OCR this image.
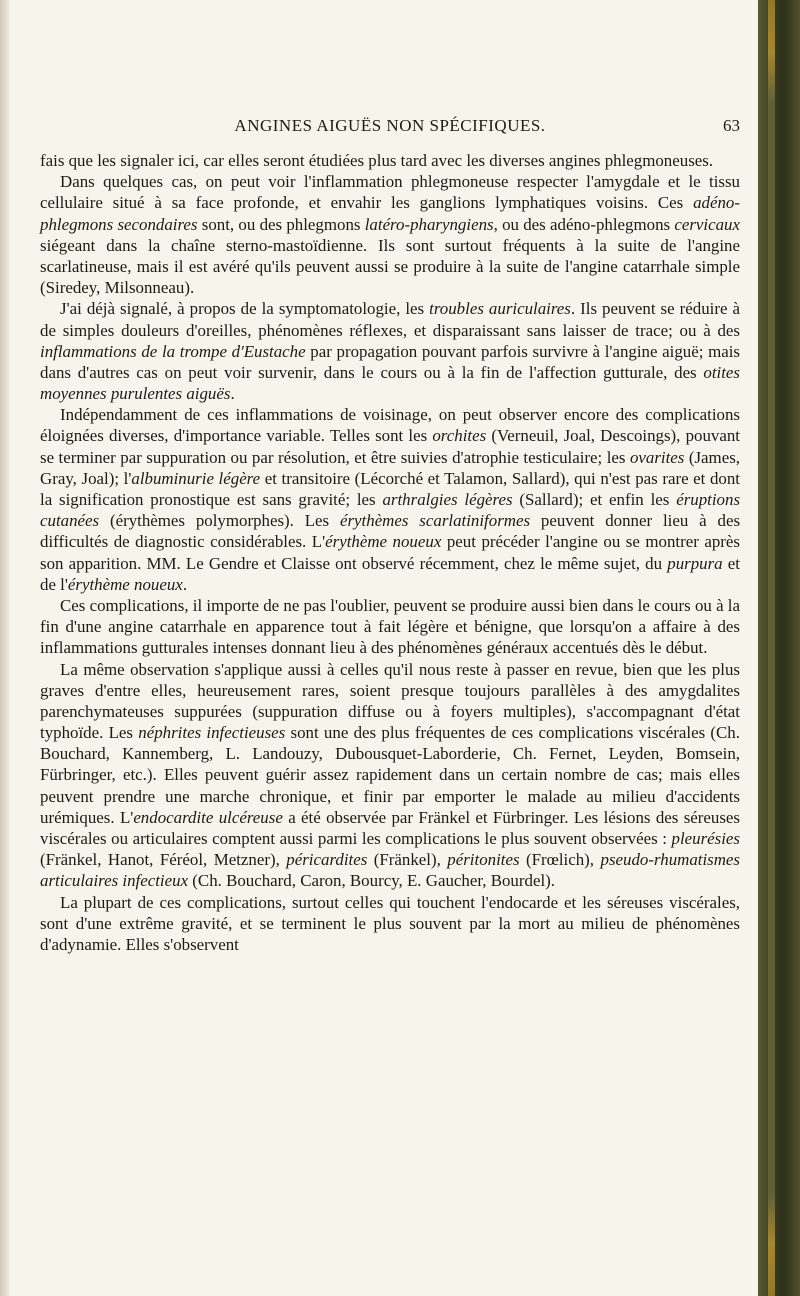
ANGINES AIGUËS NON SPÉCIFIQUES.	63

fais que les signaler ici, car elles seront étudiées plus tard avec les diverses angines phlegmoneuses.

Dans quelques cas, on peut voir l'inflammation phlegmoneuse respecter l'amygdale et le tissu cellulaire situé à sa face profonde, et envahir les ganglions lymphatiques voisins. Ces adéno-phlegmons secondaires sont, ou des phlegmons latéro-pharyngiens, ou des adéno-phlegmons cervicaux siégeant dans la chaîne sterno-mastoïdienne. Ils sont surtout fréquents à la suite de l'angine scarlatineuse, mais il est avéré qu'ils peuvent aussi se produire à la suite de l'angine catarrhale simple (Siredey, Milsonneau).

J'ai déjà signalé, à propos de la symptomatologie, les troubles auriculaires. Ils peuvent se réduire à de simples douleurs d'oreilles, phénomènes réflexes, et disparaissant sans laisser de trace; ou à des inflammations de la trompe d'Eustache par propagation pouvant parfois survivre à l'angine aiguë; mais dans d'autres cas on peut voir survenir, dans le cours ou à la fin de l'affection gutturale, des otites moyennes purulentes aiguës.

Indépendamment de ces inflammations de voisinage, on peut observer encore des complications éloignées diverses, d'importance variable. Telles sont les orchites (Verneuil, Joal, Descoings), pouvant se terminer par suppuration ou par résolution, et être suivies d'atrophie testiculaire; les ovarites (James, Gray, Joal); l'albuminurie légère et transitoire (Lécorché et Talamon, Sallard), qui n'est pas rare et dont la signification pronostique est sans gravité; les arthralgies légères (Sallard); et enfin les éruptions cutanées (érythèmes polymorphes). Les érythèmes scarlatiniformes peuvent donner lieu à des difficultés de diagnostic considérables. L'érythème noueux peut précéder l'angine ou se montrer après son apparition. MM. Le Gendre et Claisse ont observé récemment, chez le même sujet, du purpura et de l'érythème noueux.

Ces complications, il importe de ne pas l'oublier, peuvent se produire aussi bien dans le cours ou à la fin d'une angine catarrhale en apparence tout à fait légère et bénigne, que lorsqu'on a affaire à des inflammations gutturales intenses donnant lieu à des phénomènes généraux accentués dès le début.

La même observation s'applique aussi à celles qu'il nous reste à passer en revue, bien que les plus graves d'entre elles, heureusement rares, soient presque toujours parallèles à des amygdalites parenchymateuses suppurées (suppuration diffuse ou à foyers multiples), s'accompagnant d'état typhoïde. Les néphrites infectieuses sont une des plus fréquentes de ces complications viscérales (Ch. Bouchard, Kannemberg, L. Landouzy, Dubousquet-Laborderie, Ch. Fernet, Leyden, Bomsein, Fürbringer, etc.). Elles peuvent guérir assez rapidement dans un certain nombre de cas; mais elles peuvent prendre une marche chronique, et finir par emporter le malade au milieu d'accidents urémiques. L'endocardite ulcéreuse a été observée par Fränkel et Fürbringer. Les lésions des séreuses viscérales ou articulaires comptent aussi parmi les complications le plus souvent observées : pleurésies (Fränkel, Hanot, Féréol, Metzner), péricardites (Fränkel), péritonites (Frœlich), pseudo-rhumatismes articulaires infectieux (Ch. Bouchard, Caron, Bourcy, E. Gaucher, Bourdel).

La plupart de ces complications, surtout celles qui touchent l'endocarde et les séreuses viscérales, sont d'une extrême gravité, et se terminent le plus souvent par la mort au milieu de phénomènes d'adynamie. Elles s'observent
